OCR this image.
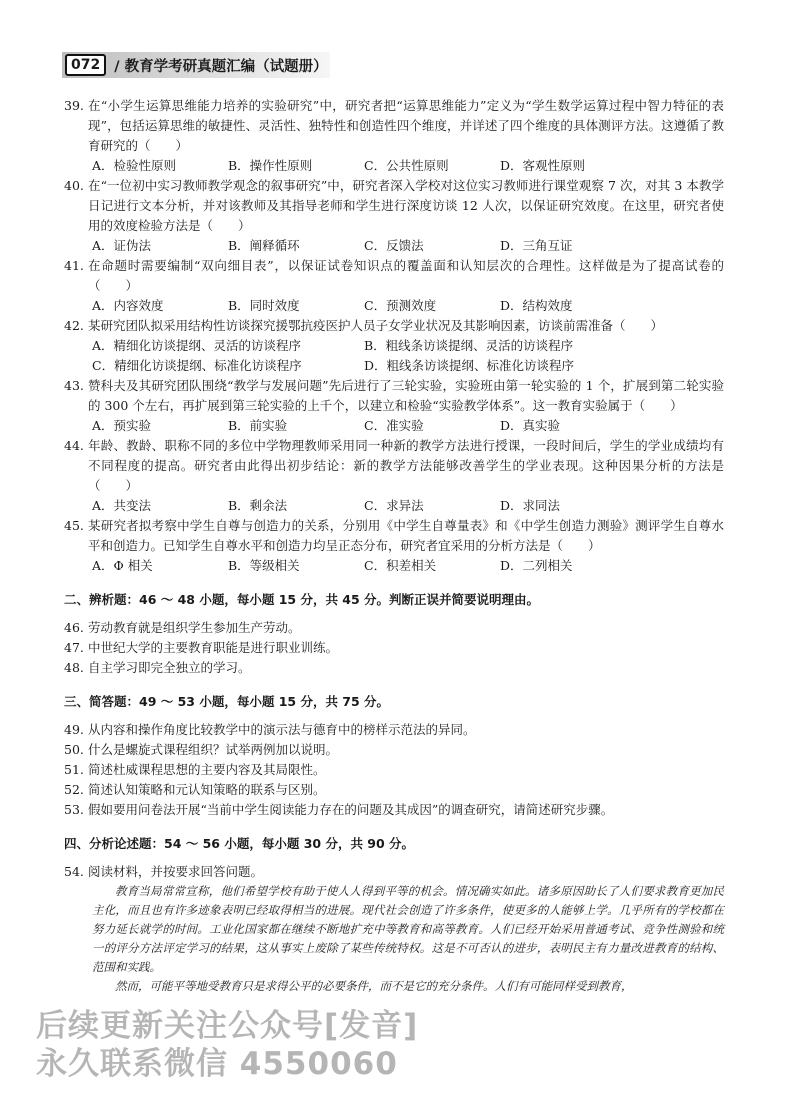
072 / 教育学考研真题汇编（试题册）
39. 在“小学生运算思维能力培养的实验研究”中，研究者把“运算思维能力”定义为“学生数学运算过程中智力特征的表现”，包括运算思维的敏捷性、灵活性、独特性和创造性四个维度，并详述了四个维度的具体测评方法。这遵循了教育研究的（　　）
A．检验性原则	B．操作性原则	C．公共性原则	D．客观性原则
40. 在“一位初中实习教师教学观念的叙事研究”中，研究者深入学校对这位实习教师进行课堂观察 7 次，对其 3 本教学日记进行文本分析，并对该教师及其指导老师和学生进行深度访谈 12 人次，以保证研究效度。在这里，研究者使用的效度检验方法是（　　）
A．证伪法	B．阐释循环	C．反馈法	D．三角互证
41. 在命题时需要编制“双向细目表”，以保证试卷知识点的覆盖面和认知层次的合理性。这样做是为了提高试卷的（　　）
A．内容效度	B．同时效度	C．预测效度	D．结构效度
42. 某研究团队拟采用结构性访谈探究援鄂抗疫医护人员子女学业状况及其影响因素，访谈前需准备（　　）
A．精细化访谈提纲、灵活的访谈程序	B．粗线条访谈提纲、灵活的访谈程序
C．精细化访谈提纲、标准化访谈程序	D．粗线条访谈提纲、标准化访谈程序
43. 赞科夫及其研究团队围绕“教学与发展问题”先后进行了三轮实验，实验班由第一轮实验的 1 个，扩展到第二轮实验的 300 个左右，再扩展到第三轮实验的上千个，以建立和检验“实验教学体系”。这一教育实验属于（　　）
A．预实验	B．前实验	C．准实验	D．真实验
44. 年龄、教龄、职称不同的多位中学物理教师采用同一种新的教学方法进行授课，一段时间后，学生的学业成绩均有不同程度的提高。研究者由此得出初步结论：新的教学方法能够改善学生的学业表现。这种因果分析的方法是（　　）
A．共变法	B．剩余法	C．求异法	D．求同法
45. 某研究者拟考察中学生自尊与创造力的关系，分别用《中学生自尊量表》和《中学生创造力测验》测评学生自尊水平和创造力。已知学生自尊水平和创造力均呈正态分布，研究者宜采用的分析方法是（　　）
A．Φ 相关	B．等级相关	C．积差相关	D．二列相关
二、辨析题：46 ～ 48 小题，每小题 15 分，共 45 分。判断正误并简要说明理由。
46. 劳动教育就是组织学生参加生产劳动。
47. 中世纪大学的主要教育职能是进行职业训练。
48. 自主学习即完全独立的学习。
三、简答题：49 ～ 53 小题，每小题 15 分，共 75 分。
49. 从内容和操作角度比较教学中的演示法与德育中的榜样示范法的异同。
50. 什么是螺旋式课程组织？试举两例加以说明。
51. 简述杜威课程思想的主要内容及其局限性。
52. 简述认知策略和元认知策略的联系与区别。
53. 假如要用问卷法开展“当前中学生阅读能力存在的问题及其成因”的调查研究，请简述研究步骤。
四、分析论述题：54 ～ 56 小题，每小题 30 分，共 90 分。
54. 阅读材料，并按要求回答问题。
教育当局常常宣称，他们希望学校有助于使人人得到平等的机会。情况确实如此。诸多原因助长了人们要求教育更加民主化，而且也有许多迹象表明已经取得相当的进展。现代社会创造了许多条件，使更多的人能够上学。几乎所有的学校都在努力延长就学的时间。工业化国家都在继续不断地扩充中等教育和高等教育。人们已经开始采用普通考试、竞争性测验和统一的评分方法评定学习的结果，这从事实上废除了某些传统特权。这是不可否认的进步，表明民主有力量改进教育的结构、范围和实践。
然而，可能平等地受教育只是求得公平的必要条件，而不是它的充分条件。人们有可能同样受到教育，
后续更新关注公众号[发音]
永久联系微信 4550060
